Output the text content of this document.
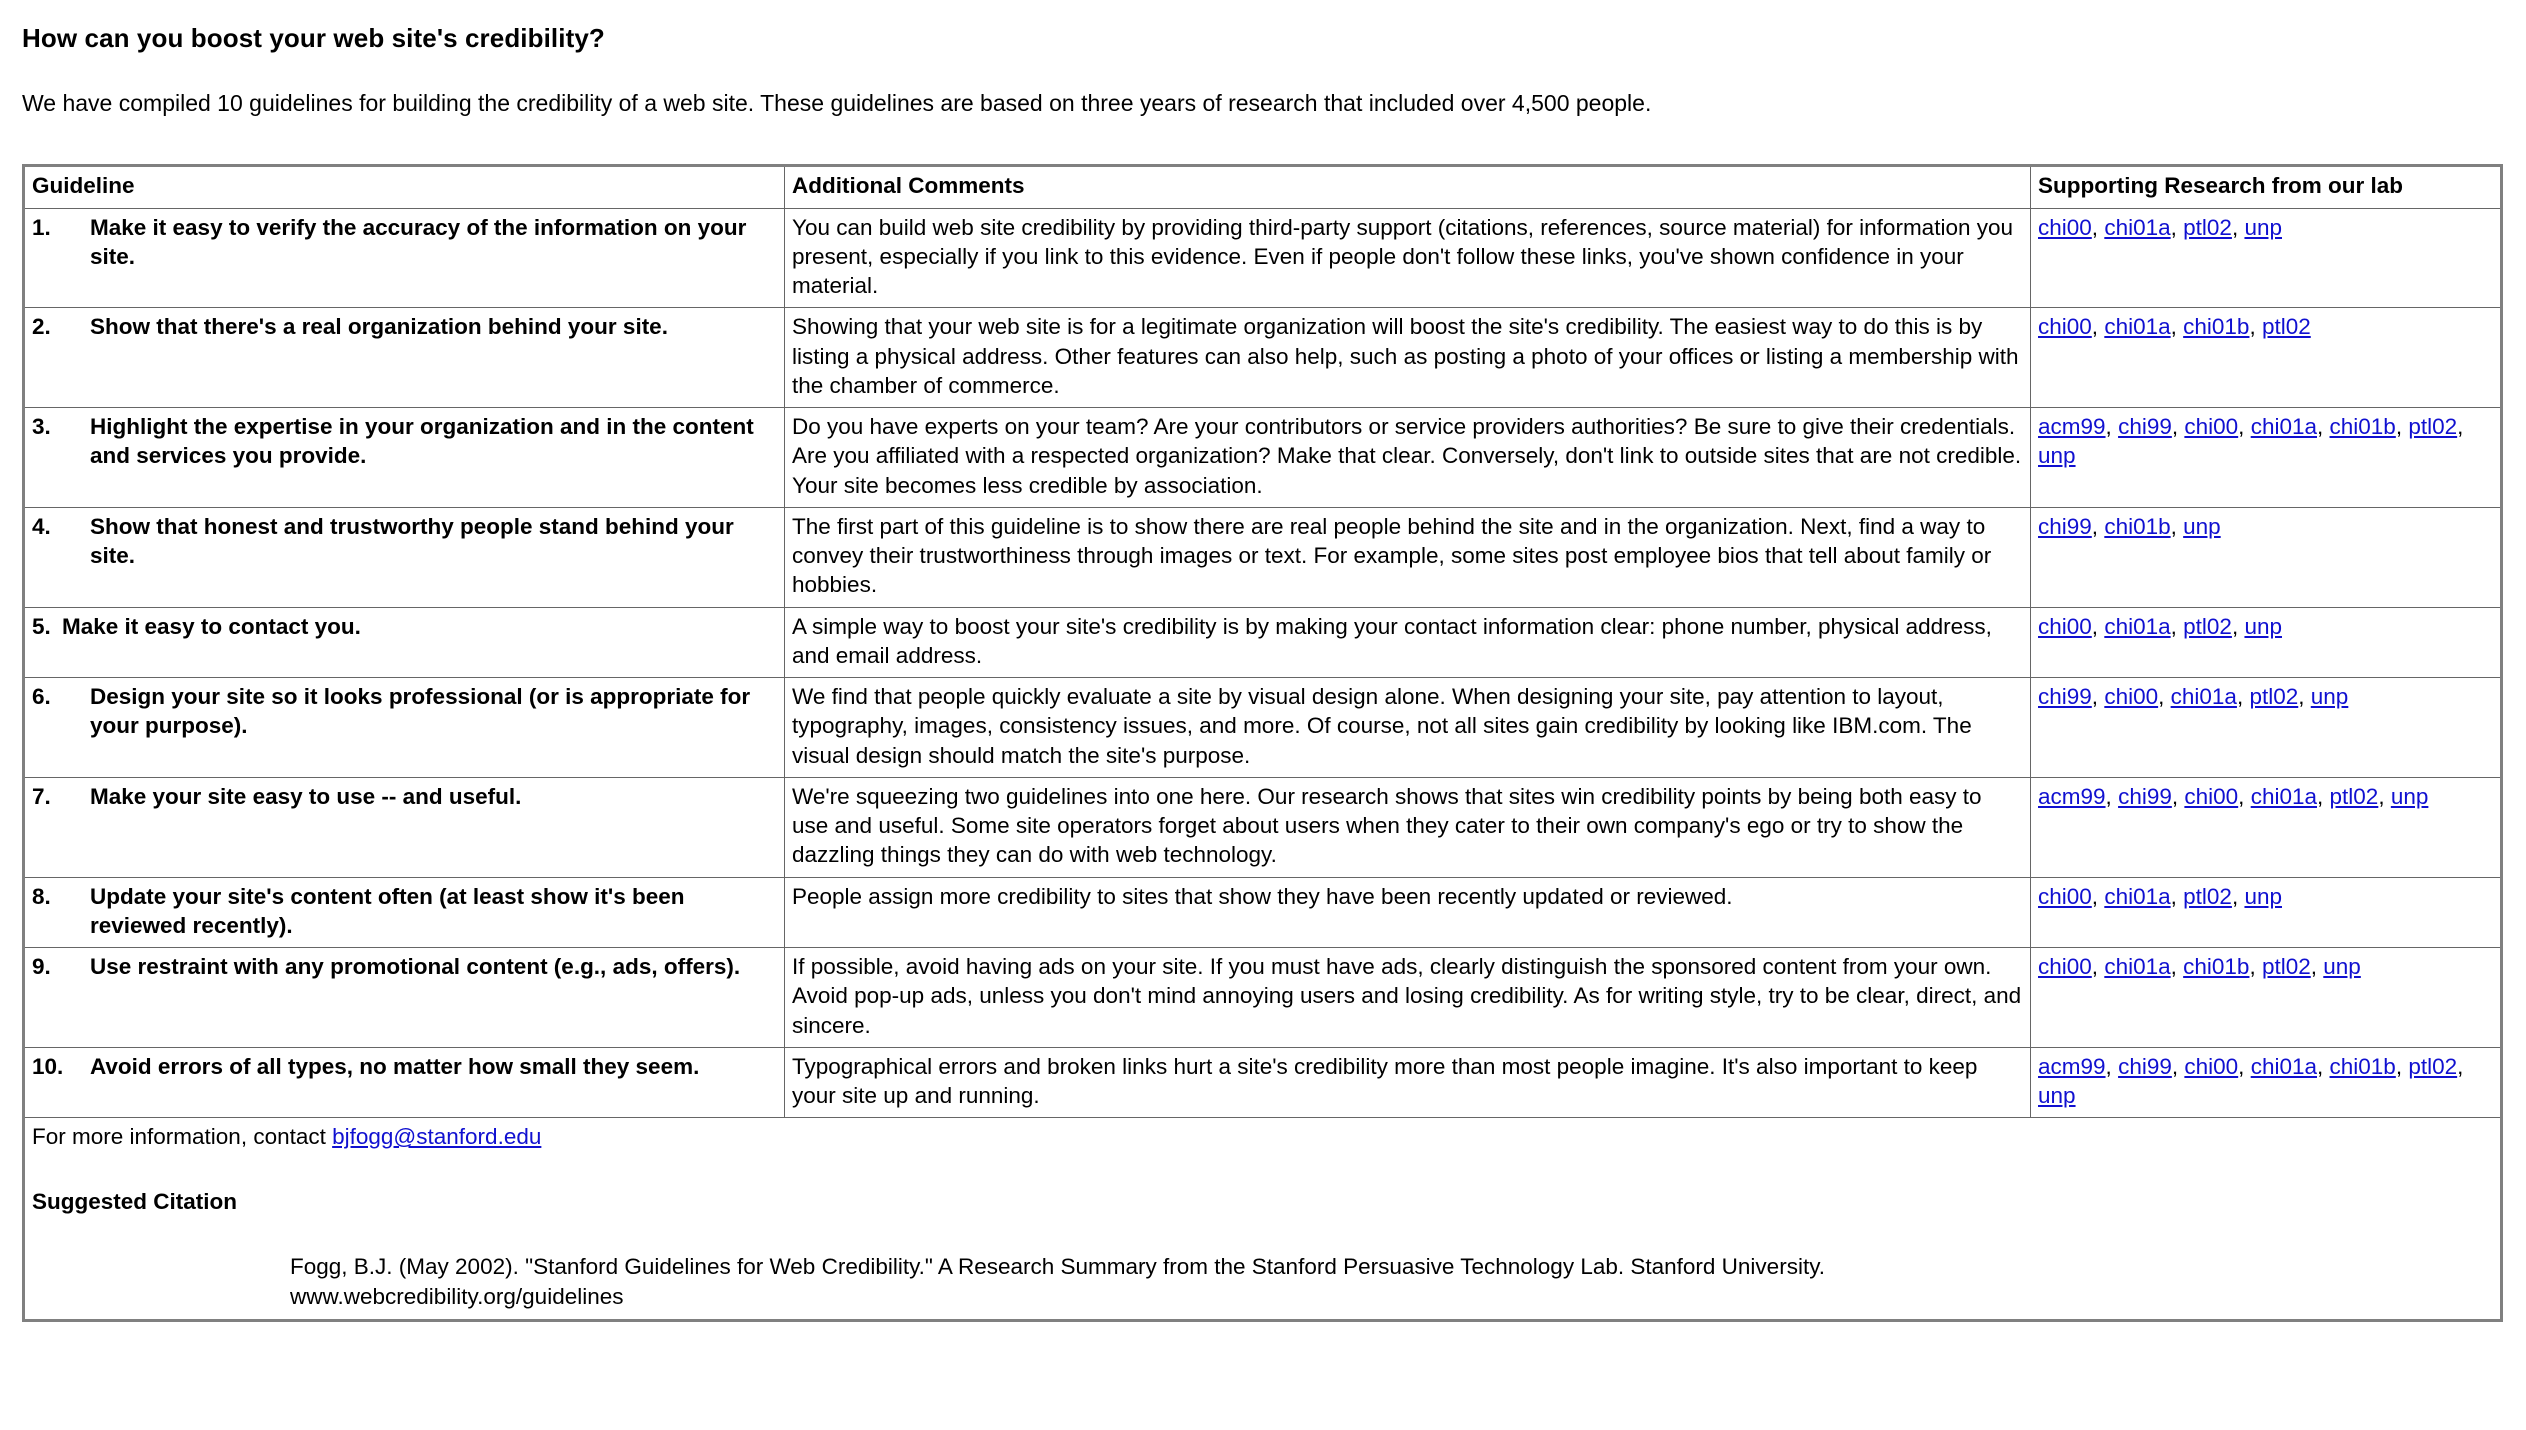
How can you boost your web site's credibility?

We have compiled 10 guidelines for building the credibility of a web site. These guidelines are based on three years of research that included over 4,500 people.

Guideline	Additional Comments	Supporting Research from our lab

1. Make it easy to verify the accuracy of the information on your site.	You can build web site credibility by providing third-party support (citations, references, source material) for information you present, especially if you link to this evidence. Even if people don't follow these links, you've shown confidence in your material.	chi00, chi01a, ptl02, unp

2. Show that there's a real organization behind your site.	Showing that your web site is for a legitimate organization will boost the site's credibility. The easiest way to do this is by listing a physical address. Other features can also help, such as posting a photo of your offices or listing a membership with the chamber of commerce.	chi00, chi01a, chi01b, ptl02

3. Highlight the expertise in your organization and in the content and services you provide.	Do you have experts on your team? Are your contributors or service providers authorities? Be sure to give their credentials. Are you affiliated with a respected organization? Make that clear. Conversely, don't link to outside sites that are not credible. Your site becomes less credible by association.	acm99, chi99, chi00, chi01a, chi01b, ptl02, unp

4. Show that honest and trustworthy people stand behind your site.	The first part of this guideline is to show there are real people behind the site and in the organization. Next, find a way to convey their trustworthiness through images or text. For example, some sites post employee bios that tell about family or hobbies.	chi99, chi01b, unp

5. Make it easy to contact you.	A simple way to boost your site's credibility is by making your contact information clear: phone number, physical address, and email address.	chi00, chi01a, ptl02, unp

6. Design your site so it looks professional (or is appropriate for your purpose).	We find that people quickly evaluate a site by visual design alone. When designing your site, pay attention to layout, typography, images, consistency issues, and more. Of course, not all sites gain credibility by looking like IBM.com. The visual design should match the site's purpose.	chi99, chi00, chi01a, ptl02, unp

7. Make your site easy to use -- and useful.	We're squeezing two guidelines into one here. Our research shows that sites win credibility points by being both easy to use and useful. Some site operators forget about users when they cater to their own company's ego or try to show the dazzling things they can do with web technology.	acm99, chi99, chi00, chi01a, ptl02, unp

8. Update your site's content often (at least show it's been reviewed recently).	People assign more credibility to sites that show they have been recently updated or reviewed.	chi00, chi01a, ptl02, unp

9. Use restraint with any promotional content (e.g., ads, offers).	If possible, avoid having ads on your site. If you must have ads, clearly distinguish the sponsored content from your own. Avoid pop-up ads, unless you don't mind annoying users and losing credibility. As for writing style, try to be clear, direct, and sincere.	chi00, chi01a, chi01b, ptl02, unp

10. Avoid errors of all types, no matter how small they seem.	Typographical errors and broken links hurt a site's credibility more than most people imagine. It's also important to keep your site up and running.	acm99, chi99, chi00, chi01a, chi01b, ptl02, unp

For more information, contact bjfogg@stanford.edu

Suggested Citation

Fogg, B.J. (May 2002). "Stanford Guidelines for Web Credibility." A Research Summary from the Stanford Persuasive Technology Lab. Stanford University.
www.webcredibility.org/guidelines		
